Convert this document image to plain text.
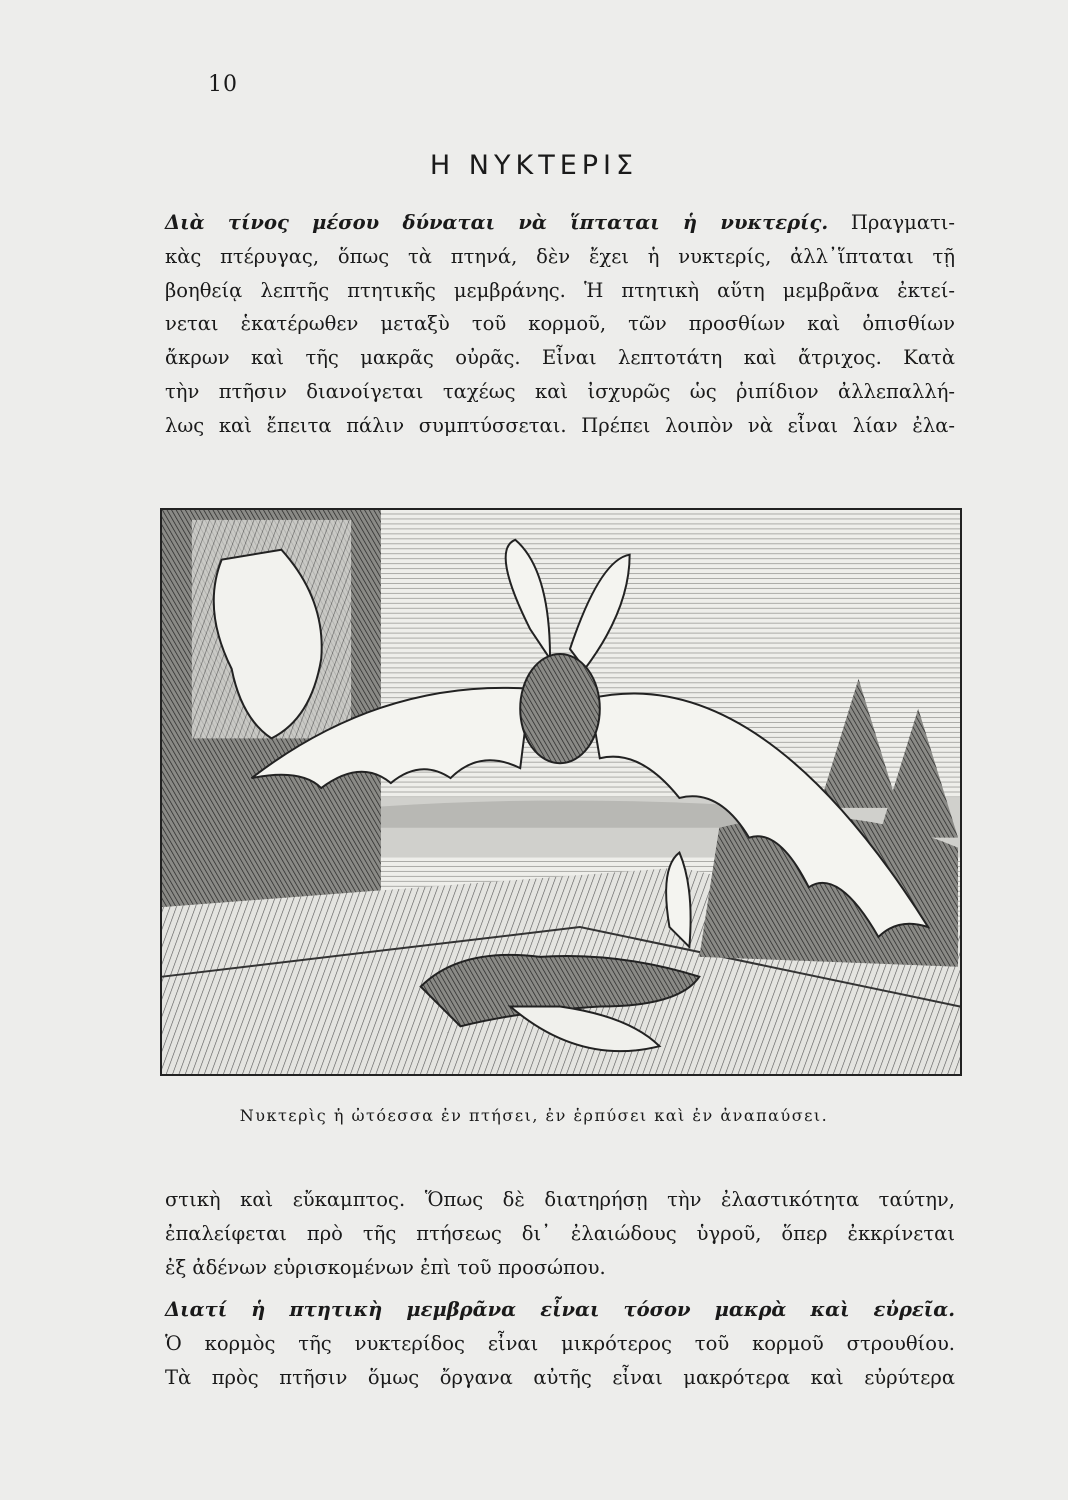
10
Η ΝΥΚΤΕΡΙΣ
Διὰ τίνος μέσου δύναται νὰ ἵπταται ἡ νυκτερίς. Πραγματι-
κὰς πτέρυγας, ὅπως τὰ πτηνά, δὲν ἔχει ἡ νυκτερίς, ἀλλ᾿ἵπταται τῇ
βοηθείᾳ λεπτῆς πτητικῆς μεμβράνης. Ἡ πτητικὴ αὕτη μεμβρᾶνα ἐκτεί-
νεται ἑκατέρωθεν μεταξὺ τοῦ κορμοῦ, τῶν προσθίων καὶ ὀπισθίων
ἄκρων καὶ τῆς μακρᾶς οὐρᾶς. Εἶναι λεπτοτάτη καὶ ἄτριχος. Κατὰ
τὴν πτῆσιν διανοίγεται ταχέως καὶ ἰσχυρῶς ὡς ῥιπίδιον ἀλλεπαλλή-
λως καὶ ἔπειτα πάλιν συμπτύσσεται. Πρέπει λοιπὸν νὰ εἶναι λίαν ἐλα-
Νυκτερὶς ἡ ὠτόεσσα ἐν πτήσει, ἐν ἑρπύσει καὶ ἐν ἀναπαύσει.
στικὴ καὶ εὔκαμπτος. Ὅπως δὲ διατηρήσῃ τὴν ἐλαστικότητα ταύτην,
ἐπαλείφεται πρὸ τῆς πτήσεως δι᾿ ἐλαιώδους ὑγροῦ, ὅπερ ἐκκρίνεται
ἐξ ἀδένων εὑρισκομένων ἐπὶ τοῦ προσώπου.
Διατί ἡ πτητικὴ μεμβρᾶνα εἶναι τόσον μακρὰ καὶ εὐρεῖα.
Ὁ κορμὸς τῆς νυκτερίδος εἶναι μικρότερος τοῦ κορμοῦ στρουθίου.
Τὰ πρὸς πτῆσιν ὅμως ὄργανα αὐτῆς εἶναι μακρότερα καὶ εὐρύτερα
